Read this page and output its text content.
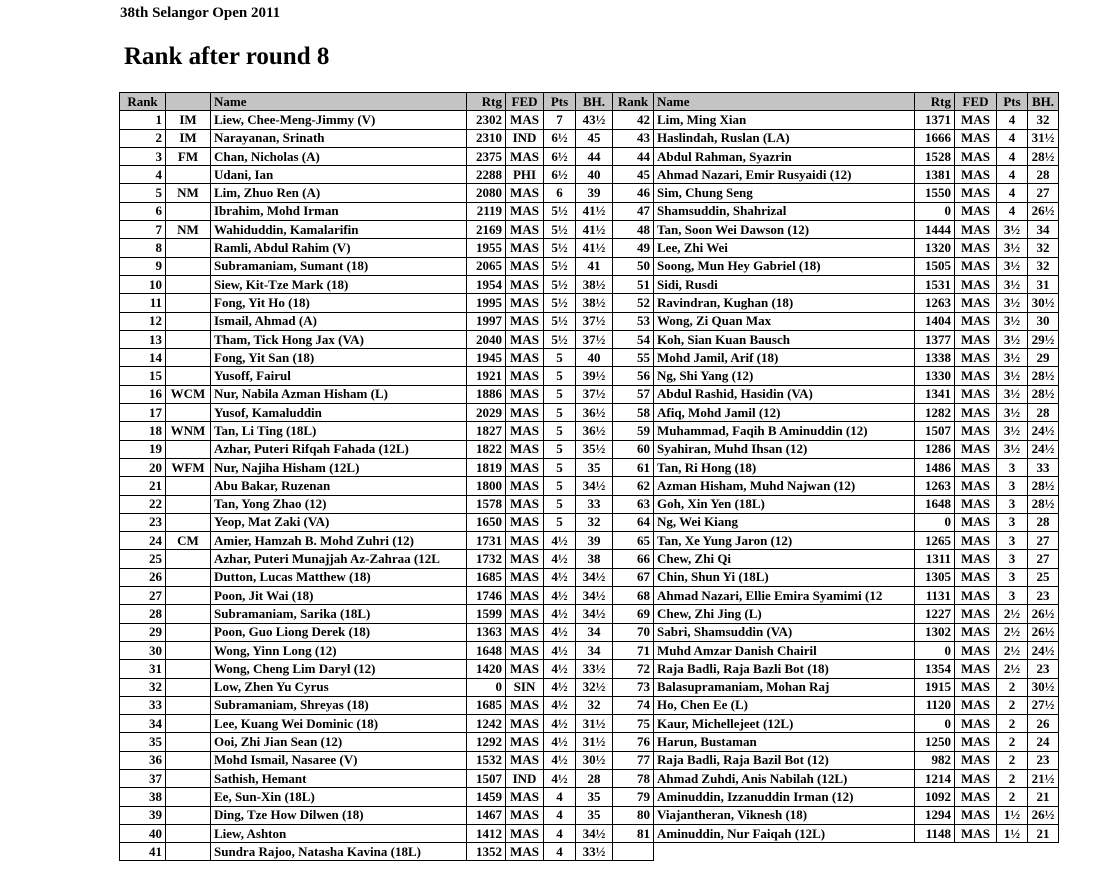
38th Selangor Open 2011
Rank after round 8
Rank		Name	Rtg	FED	Pts	BH.	Rank	Name	Rtg	FED	Pts	BH.
1	IM	Liew, Chee-Meng-Jimmy (V)	2302	MAS	7	43½	42	Lim, Ming Xian	1371	MAS	4	32
2	IM	Narayanan, Srinath	2310	IND	6½	45	43	Haslindah, Ruslan (LA)	1666	MAS	4	31½
3	FM	Chan, Nicholas (A)	2375	MAS	6½	44	44	Abdul Rahman, Syazrin	1528	MAS	4	28½
4		Udani, Ian	2288	PHI	6½	40	45	Ahmad Nazari, Emir Rusyaidi (12)	1381	MAS	4	28
5	NM	Lim, Zhuo Ren (A)	2080	MAS	6	39	46	Sim, Chung Seng	1550	MAS	4	27
6		Ibrahim, Mohd Irman	2119	MAS	5½	41½	47	Shamsuddin, Shahrizal	0	MAS	4	26½
7	NM	Wahiduddin, Kamalarifin	2169	MAS	5½	41½	48	Tan, Soon Wei Dawson (12)	1444	MAS	3½	34
8		Ramli, Abdul Rahim (V)	1955	MAS	5½	41½	49	Lee, Zhi Wei	1320	MAS	3½	32
9		Subramaniam, Sumant (18)	2065	MAS	5½	41	50	Soong, Mun Hey Gabriel (18)	1505	MAS	3½	32
10		Siew, Kit-Tze Mark (18)	1954	MAS	5½	38½	51	Sidi, Rusdi	1531	MAS	3½	31
11		Fong, Yit Ho (18)	1995	MAS	5½	38½	52	Ravindran, Kughan (18)	1263	MAS	3½	30½
12		Ismail, Ahmad (A)	1997	MAS	5½	37½	53	Wong, Zi Quan Max	1404	MAS	3½	30
13		Tham, Tick Hong Jax (VA)	2040	MAS	5½	37½	54	Koh, Sian Kuan Bausch	1377	MAS	3½	29½
14		Fong, Yit San (18)	1945	MAS	5	40	55	Mohd Jamil, Arif (18)	1338	MAS	3½	29
15		Yusoff, Fairul	1921	MAS	5	39½	56	Ng, Shi Yang (12)	1330	MAS	3½	28½
16	WCM	Nur, Nabila Azman Hisham (L)	1886	MAS	5	37½	57	Abdul Rashid, Hasidin (VA)	1341	MAS	3½	28½
17		Yusof, Kamaluddin	2029	MAS	5	36½	58	Afiq, Mohd Jamil (12)	1282	MAS	3½	28
18	WNM	Tan, Li Ting (18L)	1827	MAS	5	36½	59	Muhammad, Faqih B Aminuddin (12)	1507	MAS	3½	24½
19		Azhar, Puteri Rifqah Fahada (12L)	1822	MAS	5	35½	60	Syahiran, Muhd Ihsan (12)	1286	MAS	3½	24½
20	WFM	Nur, Najiha Hisham (12L)	1819	MAS	5	35	61	Tan, Ri Hong (18)	1486	MAS	3	33
21		Abu Bakar, Ruzenan	1800	MAS	5	34½	62	Azman Hisham, Muhd Najwan (12)	1263	MAS	3	28½
22		Tan, Yong Zhao (12)	1578	MAS	5	33	63	Goh, Xin Yen (18L)	1648	MAS	3	28½
23		Yeop, Mat Zaki (VA)	1650	MAS	5	32	64	Ng, Wei Kiang	0	MAS	3	28
24	CM	Amier, Hamzah B. Mohd Zuhri (12)	1731	MAS	4½	39	65	Tan, Xe Yung Jaron (12)	1265	MAS	3	27
25		Azhar, Puteri Munajjah Az-Zahraa (12L	1732	MAS	4½	38	66	Chew, Zhi Qi	1311	MAS	3	27
26		Dutton, Lucas Matthew (18)	1685	MAS	4½	34½	67	Chin, Shun Yi (18L)	1305	MAS	3	25
27		Poon, Jit Wai (18)	1746	MAS	4½	34½	68	Ahmad Nazari, Ellie Emira Syamimi (12	1131	MAS	3	23
28		Subramaniam, Sarika (18L)	1599	MAS	4½	34½	69	Chew, Zhi Jing (L)	1227	MAS	2½	26½
29		Poon, Guo Liong Derek (18)	1363	MAS	4½	34	70	Sabri, Shamsuddin (VA)	1302	MAS	2½	26½
30		Wong, Yinn Long (12)	1648	MAS	4½	34	71	Muhd Amzar Danish Chairil	0	MAS	2½	24½
31		Wong, Cheng Lim Daryl (12)	1420	MAS	4½	33½	72	Raja Badli, Raja Bazli Bot (18)	1354	MAS	2½	23
32		Low, Zhen Yu Cyrus	0	SIN	4½	32½	73	Balasupramaniam, Mohan Raj	1915	MAS	2	30½
33		Subramaniam, Shreyas (18)	1685	MAS	4½	32	74	Ho, Chen Ee (L)	1120	MAS	2	27½
34		Lee, Kuang Wei Dominic (18)	1242	MAS	4½	31½	75	Kaur, Michellejeet (12L)	0	MAS	2	26
35		Ooi, Zhi Jian Sean (12)	1292	MAS	4½	31½	76	Harun, Bustaman	1250	MAS	2	24
36		Mohd Ismail, Nasaree (V)	1532	MAS	4½	30½	77	Raja Badli, Raja Bazil Bot (12)	982	MAS	2	23
37		Sathish, Hemant	1507	IND	4½	28	78	Ahmad Zuhdi, Anis Nabilah (12L)	1214	MAS	2	21½
38		Ee, Sun-Xin (18L)	1459	MAS	4	35	79	Aminuddin, Izzanuddin Irman (12)	1092	MAS	2	21
39		Ding, Tze How Dilwen (18)	1467	MAS	4	35	80	Viajantheran, Viknesh (18)	1294	MAS	1½	26½
40		Liew, Ashton	1412	MAS	4	34½	81	Aminuddin, Nur Faiqah (12L)	1148	MAS	1½	21
41		Sundra Rajoo, Natasha Kavina (18L)	1352	MAS	4	33½						
